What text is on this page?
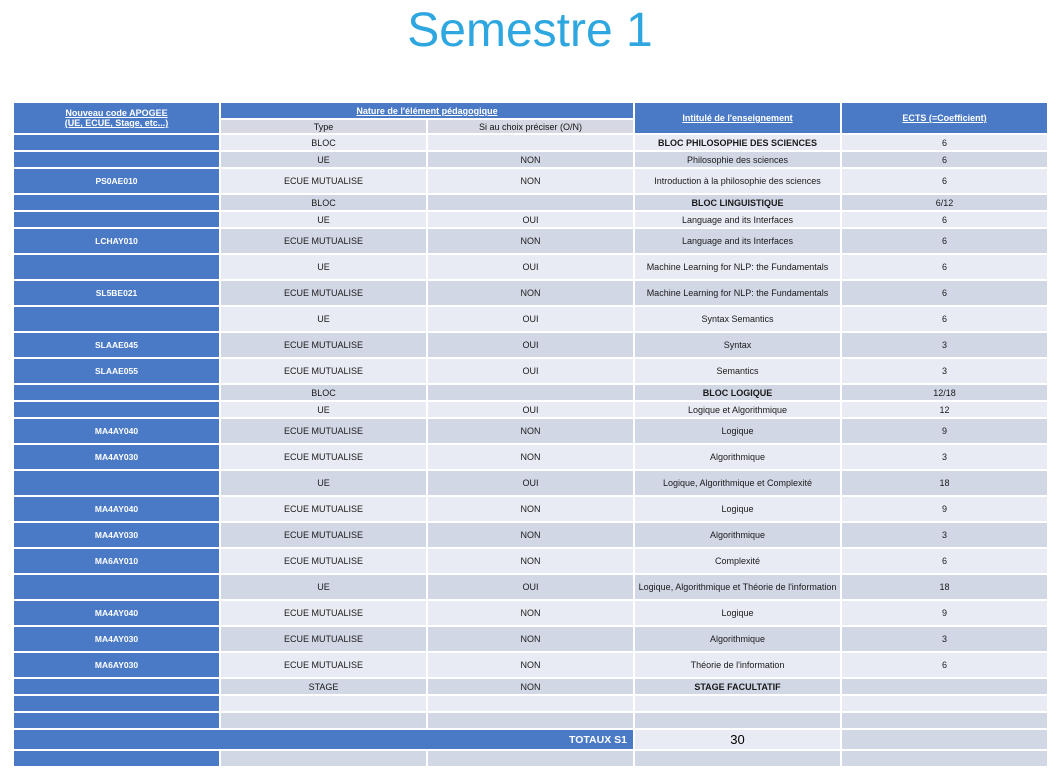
Semestre 1
Nouveau code APOGEE
(UE, ECUE, Stage, etc...)	Nature de l'élément pédagogique		Intitulé de l'enseignement	ECTS (=Coefficient)
	Type	Si au choix préciser (O/N)		
	BLOC		BLOC PHILOSOPHIE DES SCIENCES	6
	UE	NON	Philosophie des sciences	6
PS0AE010	ECUE MUTUALISE	NON	Introduction à la philosophie des sciences	6
	BLOC		BLOC LINGUISTIQUE	6/12
	UE	OUI	Language and its Interfaces	6
LCHAY010	ECUE MUTUALISE	NON	Language and its Interfaces	6
	UE	OUI	Machine Learning for NLP: the Fundamentals	6
SL5BE021	ECUE MUTUALISE	NON	Machine Learning for NLP: the Fundamentals	6
	UE	OUI	Syntax Semantics	6
SLAAE045	ECUE MUTUALISE	OUI	Syntax	3
SLAAE055	ECUE MUTUALISE	OUI	Semantics	3
	BLOC		BLOC LOGIQUE	12/18
	UE	OUI	Logique et Algorithmique	12
MA4AY040	ECUE MUTUALISE	NON	Logique	9
MA4AY030	ECUE MUTUALISE	NON	Algorithmique	3
	UE	OUI	Logique, Algorithmique et Complexité	18
MA4AY040	ECUE MUTUALISE	NON	Logique	9
MA4AY030	ECUE MUTUALISE	NON	Algorithmique	3
MA6AY010	ECUE MUTUALISE	NON	Complexité	6
	UE	OUI	Logique, Algorithmique et Théorie de l'information	18
MA4AY040	ECUE MUTUALISE	NON	Logique	9
MA4AY030	ECUE MUTUALISE	NON	Algorithmique	3
MA6AY030	ECUE MUTUALISE	NON	Théorie de l'information	6
	STAGE	NON	STAGE FACULTATIF	

TOTAUX S1			30	
